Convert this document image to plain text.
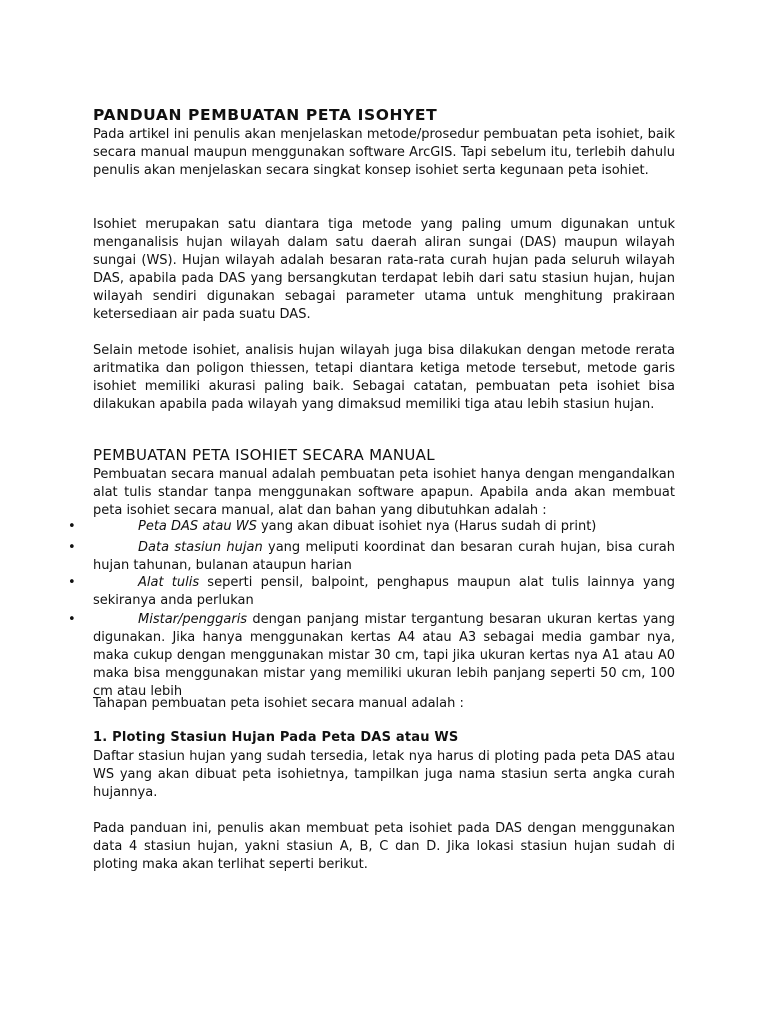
PANDUAN PEMBUATAN PETA ISOHYET
Pada artikel ini penulis akan menjelaskan metode/prosedur pembuatan peta isohiet, baik secara manual maupun menggunakan software ArcGIS. Tapi sebelum itu, terlebih dahulu penulis akan menjelaskan secara singkat konsep isohiet serta kegunaan peta isohiet.
Isohiet merupakan satu diantara tiga metode yang paling umum digunakan untuk menganalisis hujan wilayah dalam satu daerah aliran sungai (DAS) maupun wilayah sungai (WS). Hujan wilayah adalah besaran rata-rata curah hujan pada seluruh wilayah DAS, apabila pada DAS yang bersangkutan terdapat lebih dari satu stasiun hujan, hujan wilayah sendiri digunakan sebagai parameter utama untuk menghitung prakiraan ketersediaan air pada suatu DAS.
Selain metode isohiet, analisis hujan wilayah juga bisa dilakukan dengan metode rerata aritmatika dan poligon thiessen, tetapi diantara ketiga metode tersebut, metode garis isohiet memiliki akurasi paling baik. Sebagai catatan, pembuatan peta isohiet bisa dilakukan apabila pada wilayah yang dimaksud memiliki tiga atau lebih stasiun hujan.
PEMBUATAN PETA ISOHIET SECARA MANUAL
Pembuatan secara manual adalah pembuatan peta isohiet hanya dengan mengandalkan alat tulis standar tanpa menggunakan software apapun. Apabila anda akan membuat peta isohiet secara manual, alat dan bahan yang dibutuhkan adalah :
•	Peta DAS atau WS yang akan dibuat isohiet nya (Harus sudah di print)
•	Data stasiun hujan yang meliputi koordinat dan besaran curah hujan, bisa curah hujan tahunan, bulanan ataupun harian
•	Alat tulis seperti pensil, balpoint, penghapus maupun alat tulis lainnya yang sekiranya anda perlukan
•	Mistar/penggaris dengan panjang mistar tergantung besaran ukuran kertas yang digunakan. Jika hanya menggunakan kertas A4 atau A3 sebagai media gambar nya, maka cukup dengan menggunakan mistar 30 cm, tapi jika ukuran kertas nya A1 atau A0 maka bisa menggunakan mistar yang memiliki ukuran lebih panjang seperti 50 cm, 100 cm atau lebih
Tahapan pembuatan peta isohiet secara manual adalah :
1. Ploting Stasiun Hujan Pada Peta DAS atau WS
Daftar stasiun hujan yang sudah tersedia, letak nya harus di ploting pada peta DAS atau WS yang akan dibuat peta isohietnya, tampilkan juga nama stasiun serta angka curah hujannya.
Pada panduan ini, penulis akan membuat peta isohiet pada DAS dengan menggunakan data 4 stasiun hujan, yakni stasiun A, B, C dan D. Jika lokasi stasiun hujan sudah di ploting maka akan terlihat seperti berikut.
